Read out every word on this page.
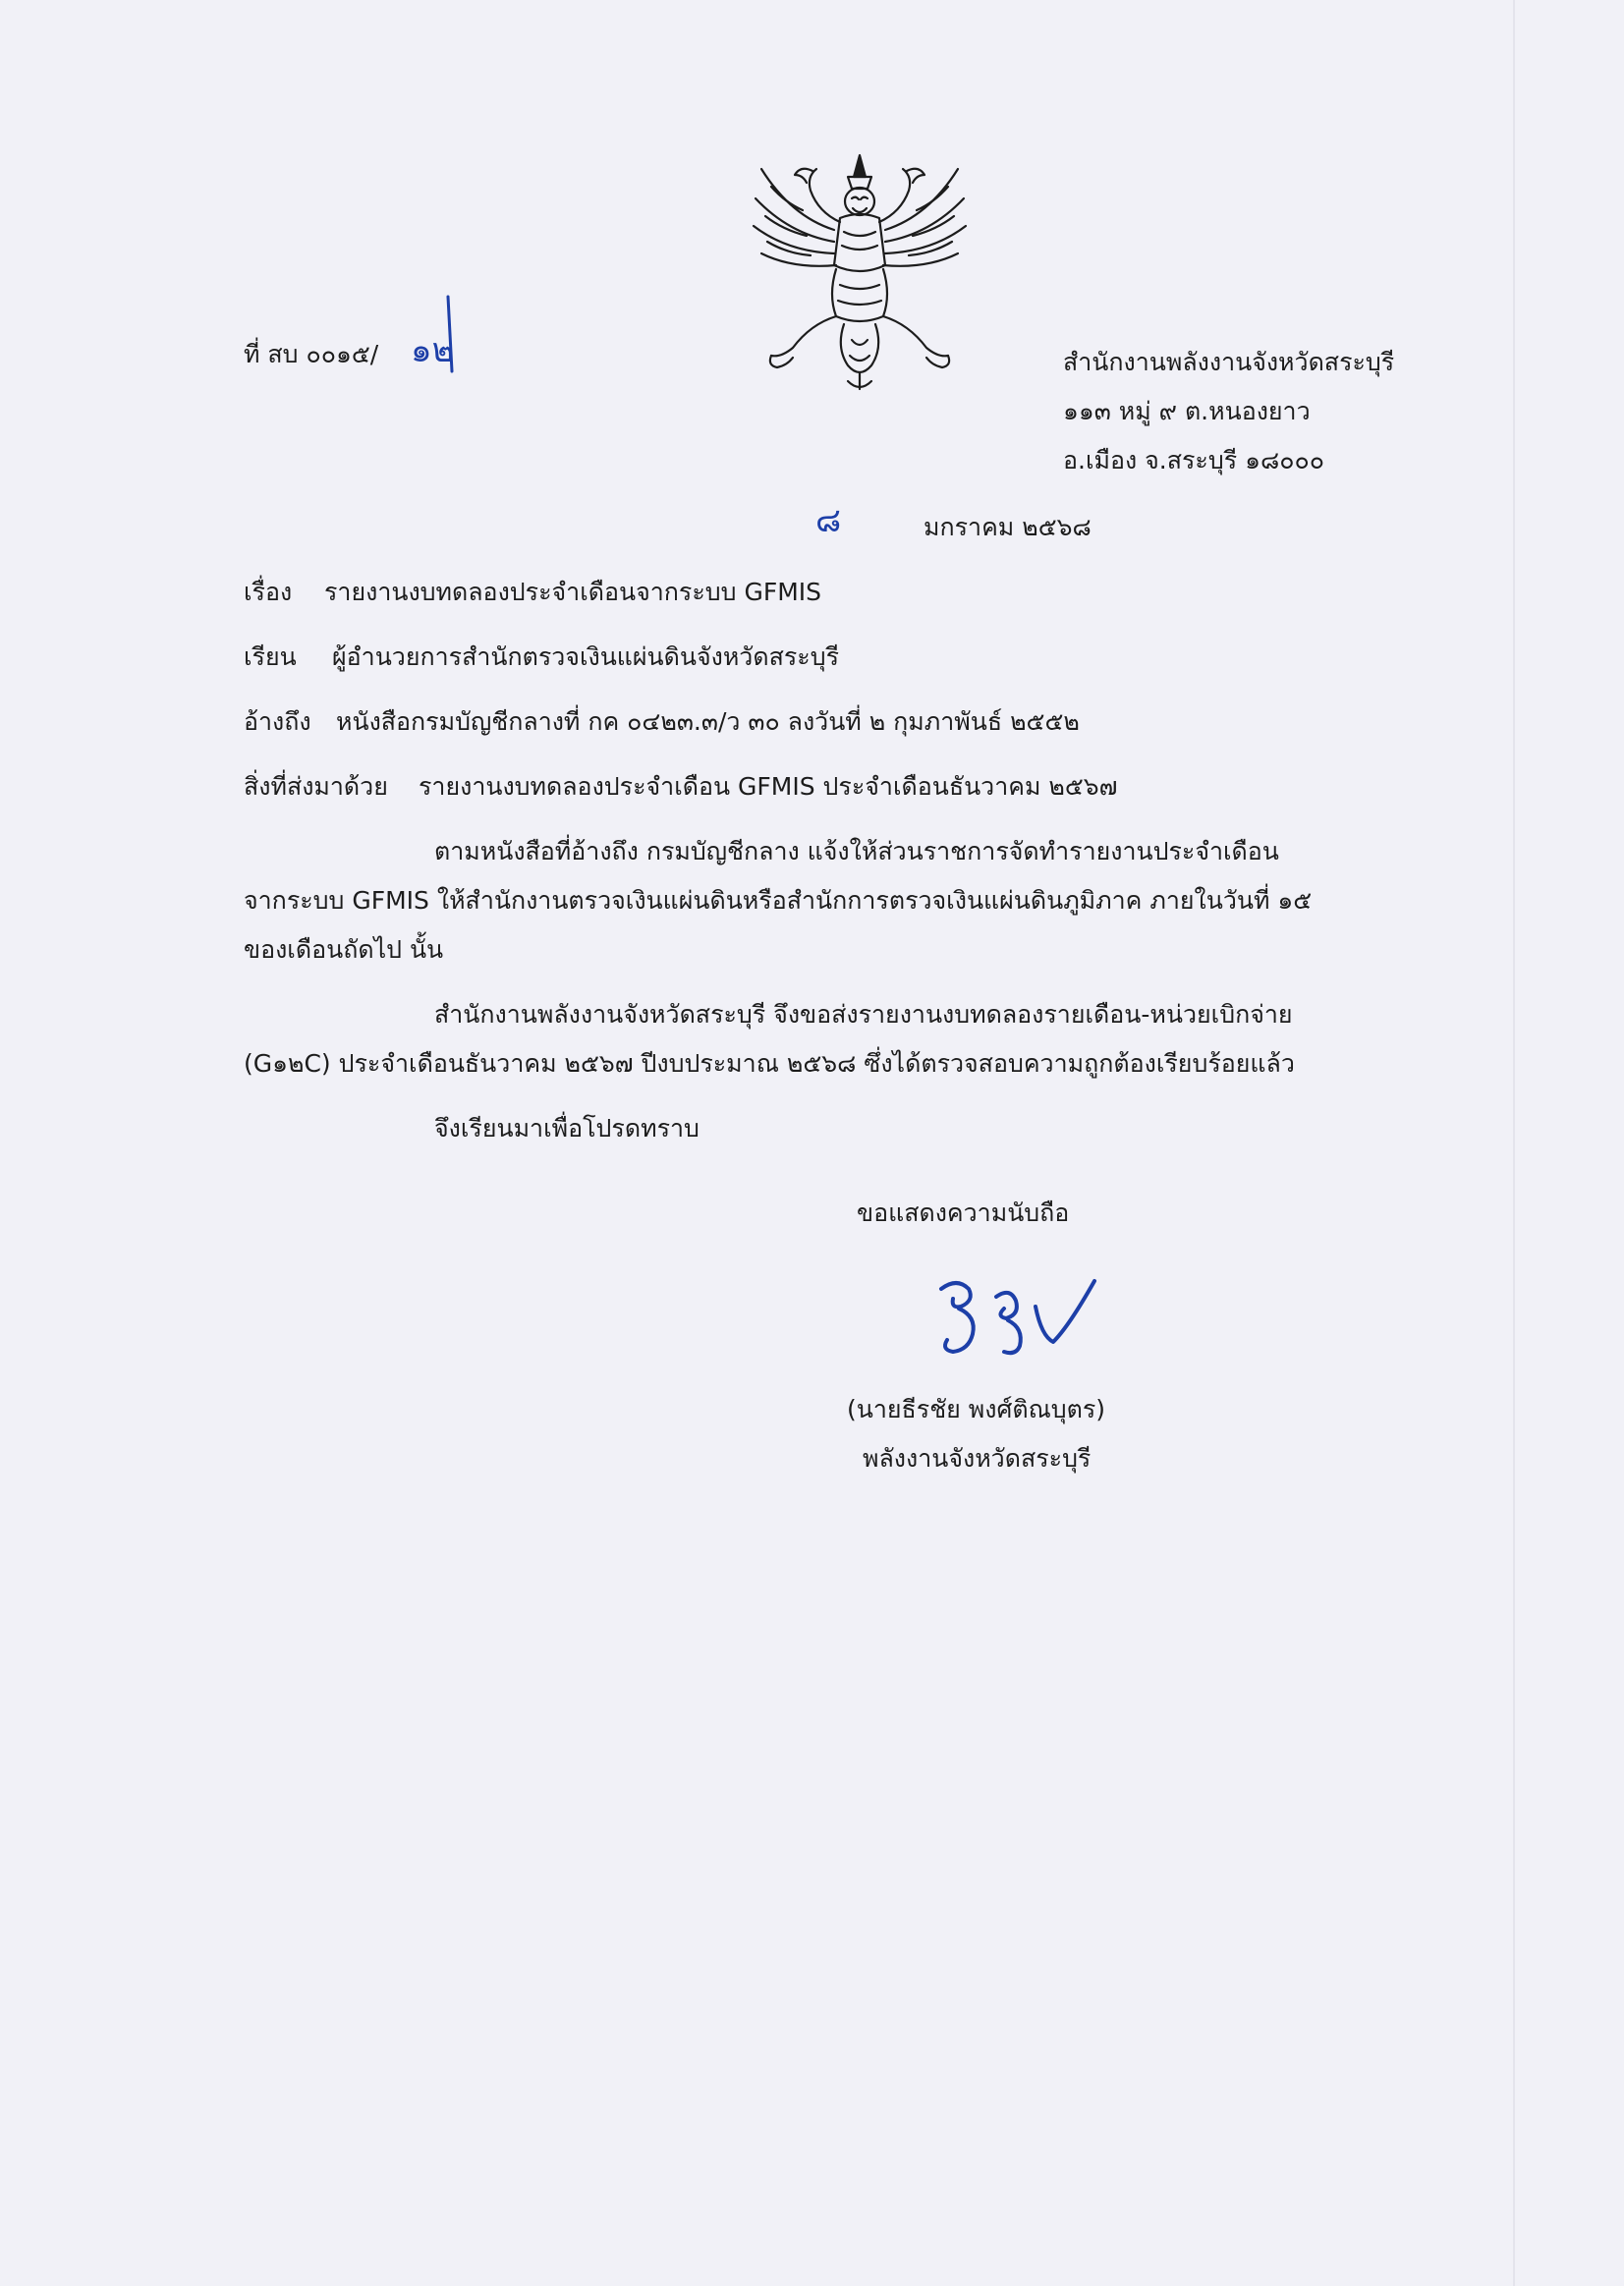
ที่ สบ ๐๐๑๕/ ๑๒	สำนักงานพลังงานจังหวัดสระบุรี
๑๑๓ หมู่ ๙ ต.หนองยาว
อ.เมือง จ.สระบุรี ๑๘๐๐๐
๘	มกราคม ๒๕๖๘
เรื่อง รายงานงบทดลองประจำเดือนจากระบบ GFMIS
เรียน ผู้อำนวยการสำนักตรวจเงินแผ่นดินจังหวัดสระบุรี
อ้างถึง หนังสือกรมบัญชีกลางที่ กค ๐๔๒๓.๓/ว ๓๐ ลงวันที่ ๒ กุมภาพันธ์ ๒๕๕๒
สิ่งที่ส่งมาด้วย รายงานงบทดลองประจำเดือน GFMIS ประจำเดือนธันวาคม ๒๕๖๗
ตามหนังสือที่อ้างถึง กรมบัญชีกลาง แจ้งให้ส่วนราชการจัดทำรายงานประจำเดือน
จากระบบ GFMIS ให้สำนักงานตรวจเงินแผ่นดินหรือสำนักการตรวจเงินแผ่นดินภูมิภาค ภายในวันที่ ๑๕
ของเดือนถัดไป นั้น
สำนักงานพลังงานจังหวัดสระบุรี จึงขอส่งรายงานงบทดลองรายเดือน-หน่วยเบิกจ่าย
(G๑๒C) ประจำเดือนธันวาคม ๒๕๖๗ ปีงบประมาณ ๒๕๖๘ ซึ่งได้ตรวจสอบความถูกต้องเรียบร้อยแล้ว
จึงเรียนมาเพื่อโปรดทราบ
ขอแสดงความนับถือ
(นายธีรชัย พงศ์ติณบุตร)
พลังงานจังหวัดสระบุรี
